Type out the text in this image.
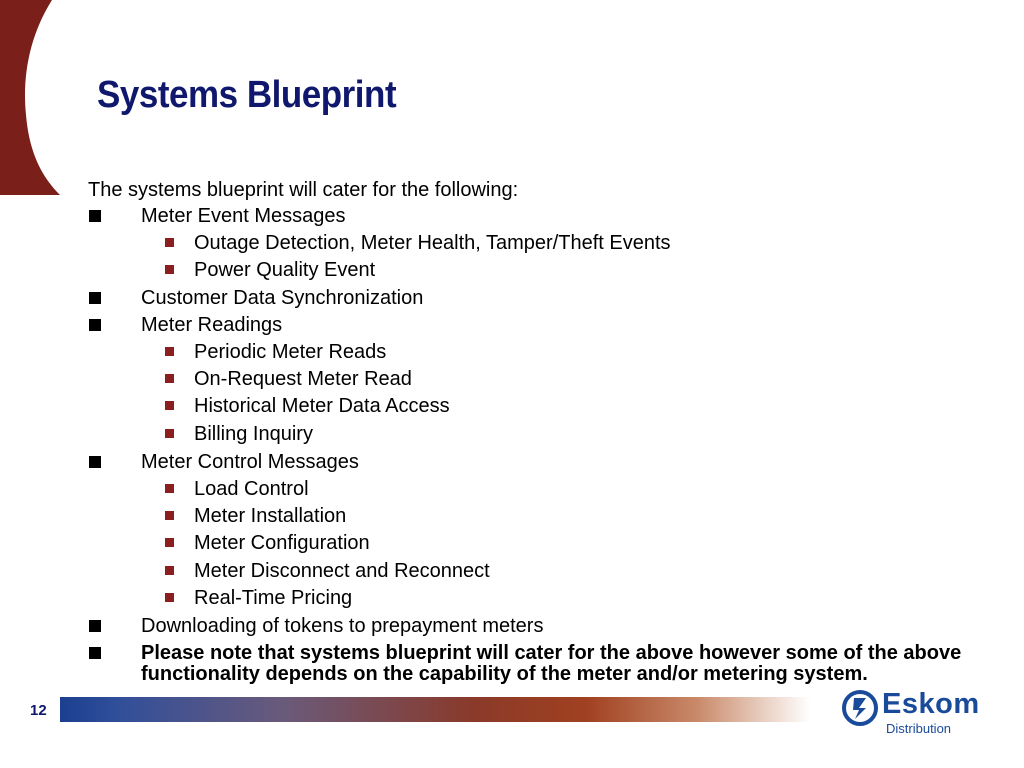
Systems Blueprint

The systems blueprint will cater for the following:

Meter Event Messages
Outage Detection, Meter Health, Tamper/Theft Events
Power Quality Event
Customer Data Synchronization
Meter Readings
Periodic Meter Reads
On-Request Meter Read
Historical Meter Data Access
Billing Inquiry
Meter Control Messages
Load Control
Meter Installation
Meter Configuration
Meter Disconnect and Reconnect
Real-Time Pricing
Downloading of tokens to prepayment meters

Please note that systems blueprint will cater for the above however some of the above functionality depends on the capability of the meter and/or metering system.

12	Eskom
Distribution
